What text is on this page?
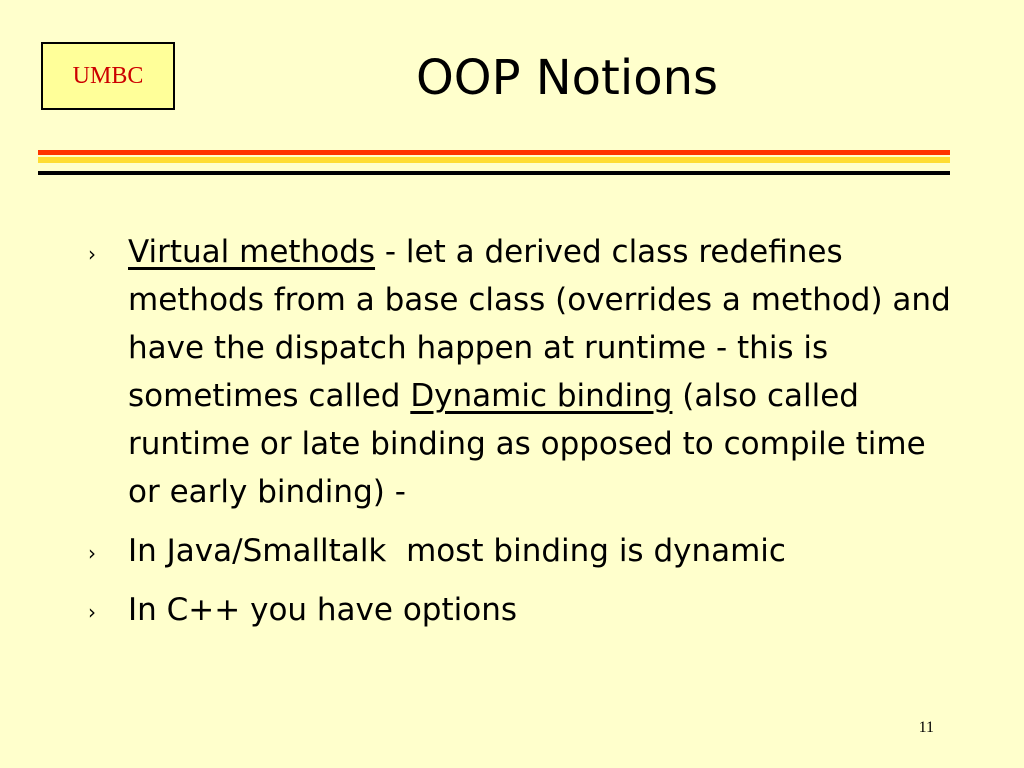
UMBC	OOP Notions
› Virtual methods - let a derived class redefines methods from a base class (overrides a method) and have the dispatch happen at runtime - this is sometimes called Dynamic binding (also called runtime or late binding as opposed to compile time or early binding) -
› In Java/Smalltalk  most binding is dynamic
› In C++ you have options
11
